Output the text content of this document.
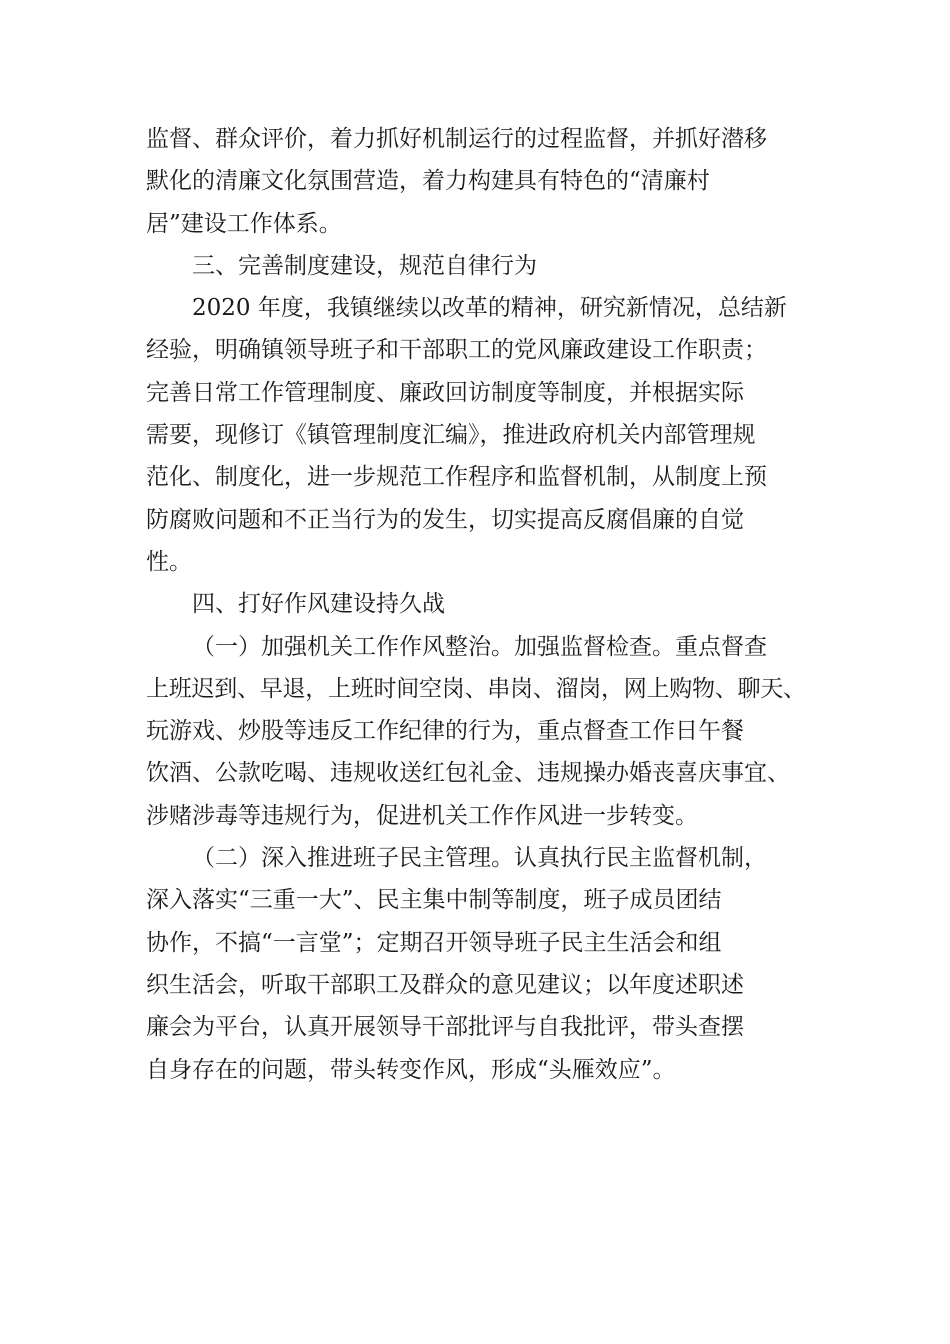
监督、群众评价，着力抓好机制运行的过程监督，并抓好潜移
默化的清廉文化氛围营造，着力构建具有特色的“清廉村
居”建设工作体系。
三、完善制度建设，规范自律行为
2020 年度，我镇继续以改革的精神，研究新情况，总结新
经验，明确镇领导班子和干部职工的党风廉政建设工作职责；
完善日常工作管理制度、廉政回访制度等制度，并根据实际
需要，现修订《镇管理制度汇编》，推进政府机关内部管理规
范化、制度化，进一步规范工作程序和监督机制，从制度上预
防腐败问题和不正当行为的发生，切实提高反腐倡廉的自觉
性。
四、打好作风建设持久战
（一）加强机关工作作风整治。加强监督检查。重点督查
上班迟到、早退，上班时间空岗、串岗、溜岗，网上购物、聊天、
玩游戏、炒股等违反工作纪律的行为，重点督查工作日午餐
饮酒、公款吃喝、违规收送红包礼金、违规操办婚丧喜庆事宜、
涉赌涉毒等违规行为，促进机关工作作风进一步转变。
（二）深入推进班子民主管理。认真执行民主监督机制，
深入落实“三重一大”、民主集中制等制度，班子成员团结
协作，不搞“一言堂”；定期召开领导班子民主生活会和组
织生活会，听取干部职工及群众的意见建议；以年度述职述
廉会为平台，认真开展领导干部批评与自我批评，带头查摆
自身存在的问题，带头转变作风，形成“头雁效应”。
